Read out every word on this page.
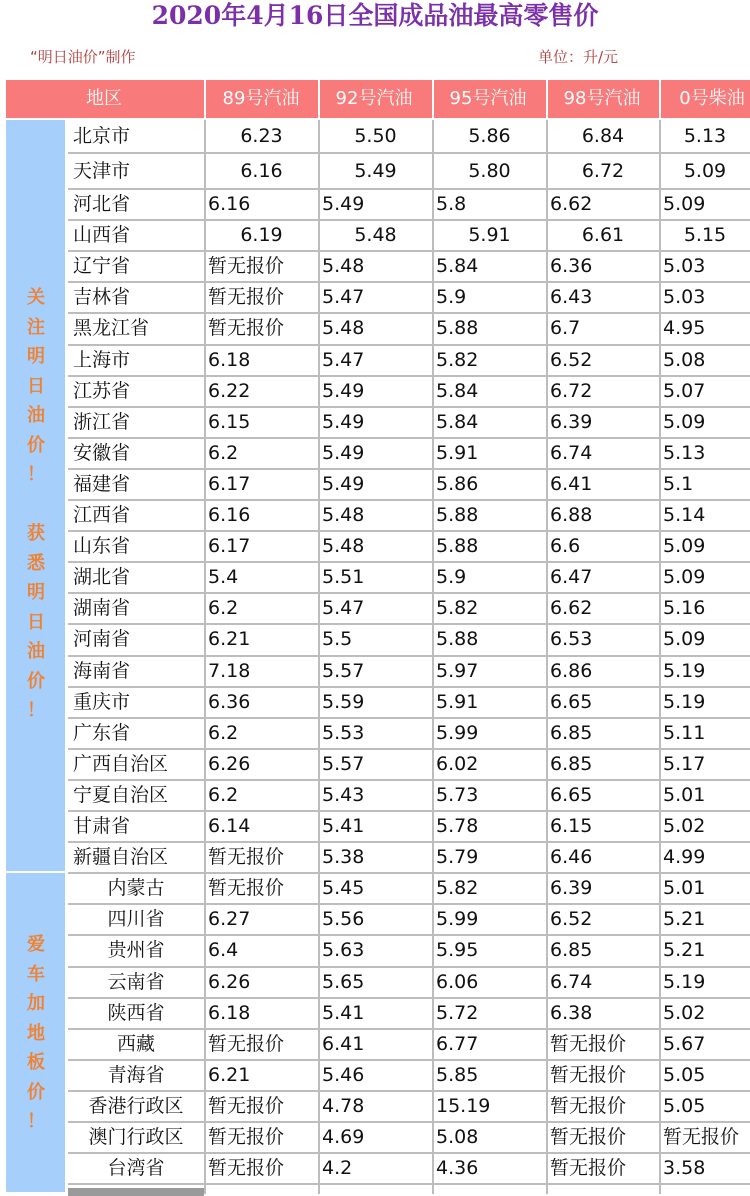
2020年4月16日全国成品油最高零售价
“明日油价”制作	单位：升/元
地区	89号汽油	92号汽油	95号汽油	98号汽油	0号柴油
关
注
明
日
油
价
！

获
悉
明
日
油
价
！
爱
车
加
地
板
价
！
北京市	6.23	5.50	5.86	6.84	5.13
天津市	6.16	5.49	5.80	6.72	5.09
河北省	6.16	5.49	5.8	6.62	5.09
山西省	6.19	5.48	5.91	6.61	5.15
辽宁省	暂无报价 5.48	5.84	6.36	5.03
吉林省	暂无报价 5.47	5.9	6.43	5.03
黑龙江省	暂无报价 5.48	5.88	6.7	4.95
上海市	6.18	5.47	5.82	6.52	5.08
江苏省	6.22	5.49	5.84	6.72	5.07
浙江省	6.15	5.49	5.84	6.39	5.09
安徽省	6.2	5.49	5.91	6.74	5.13
福建省	6.17	5.49	5.86	6.41	5.1
江西省	6.16	5.48	5.88	6.88	5.14
山东省	6.17	5.48	5.88	6.6	5.09
湖北省	5.4	5.51	5.9	6.47	5.09
湖南省	6.2	5.47	5.82	6.62	5.16
河南省	6.21	5.5	5.88	6.53	5.09
海南省	7.18	5.57	5.97	6.86	5.19
重庆市	6.36	5.59	5.91	6.65	5.19
广东省	6.2	5.53	5.99	6.85	5.11
广西自治区 6.26	5.57	6.02	6.85	5.17
宁夏自治区 6.2	5.43	5.73	6.65	5.01
甘肃省	6.14	5.41	5.78	6.15	5.02
新疆自治区 暂无报价 5.38	5.79	6.46	4.99
内蒙古	暂无报价 5.45	5.82	6.39	5.01
四川省	6.27	5.56	5.99	6.52	5.21
贵州省	6.4	5.63	5.95	6.85	5.21
云南省	6.26	5.65	6.06	6.74	5.19
陕西省	6.18	5.41	5.72	6.38	5.02
西藏	暂无报价 6.41	6.77	暂无报价 5.67
青海省	6.21	5.46	5.85	暂无报价 5.05
香港行政区	暂无报价 4.78	15.19	暂无报价 5.05
澳门行政区	暂无报价 4.69	5.08	暂无报价 暂无报价
台湾省	暂无报价 4.2	4.36	暂无报价 3.58
